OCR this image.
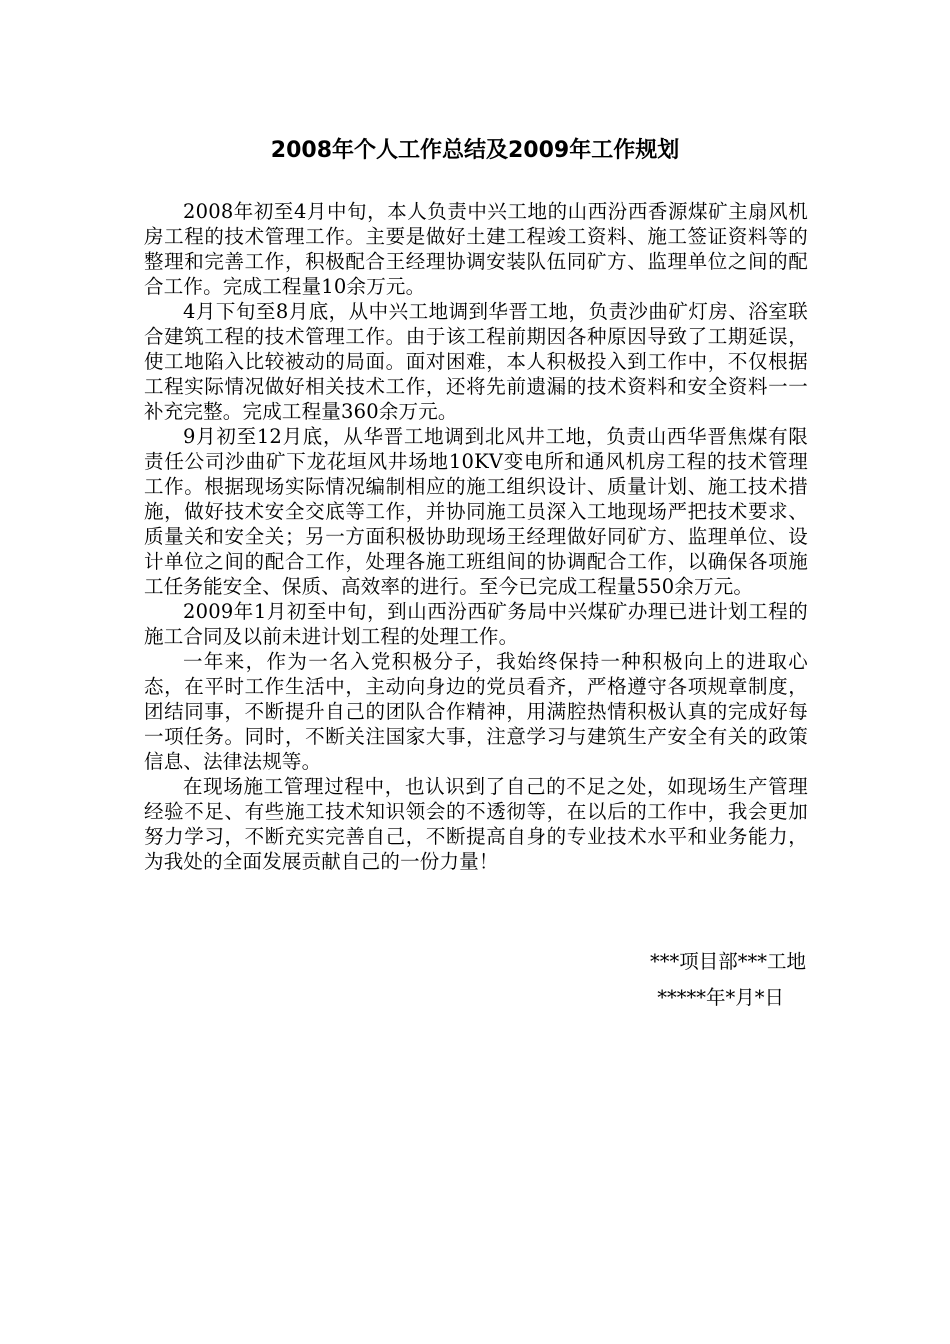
2008年个人工作总结及2009年工作规划

2008年初至4月中旬，本人负责中兴工地的山西汾西香源煤矿主扇风机房工程的技术管理工作。主要是做好土建工程竣工资料、施工签证资料等的整理和完善工作，积极配合王经理协调安装队伍同矿方、监理单位之间的配合工作。完成工程量10余万元。

4月下旬至8月底，从中兴工地调到华晋工地，负责沙曲矿灯房、浴室联合建筑工程的技术管理工作。由于该工程前期因各种原因导致了工期延误，使工地陷入比较被动的局面。面对困难，本人积极投入到工作中，不仅根据工程实际情况做好相关技术工作，还将先前遗漏的技术资料和安全资料一一补充完整。完成工程量360余万元。

9月初至12月底，从华晋工地调到北风井工地，负责山西华晋焦煤有限责任公司沙曲矿下龙花垣风井场地10KV变电所和通风机房工程的技术管理工作。根据现场实际情况编制相应的施工组织设计、质量计划、施工技术措施，做好技术安全交底等工作，并协同施工员深入工地现场严把技术要求、质量关和安全关；另一方面积极协助现场王经理做好同矿方、监理单位、设计单位之间的配合工作，处理各施工班组间的协调配合工作，以确保各项施工任务能安全、保质、高效率的进行。至今已完成工程量550余万元。

2009年1月初至中旬，到山西汾西矿务局中兴煤矿办理已进计划工程的施工合同及以前未进计划工程的处理工作。

一年来，作为一名入党积极分子，我始终保持一种积极向上的进取心态，在平时工作生活中，主动向身边的党员看齐，严格遵守各项规章制度，团结同事，不断提升自己的团队合作精神，用满腔热情积极认真的完成好每一项任务。同时，不断关注国家大事，注意学习与建筑生产安全有关的政策信息、法律法规等。

在现场施工管理过程中，也认识到了自己的不足之处，如现场生产管理经验不足、有些施工技术知识领会的不透彻等，在以后的工作中，我会更加努力学习，不断充实完善自己，不断提高自身的专业技术水平和业务能力，为我处的全面发展贡献自己的一份力量！

***项目部***工地
*****年*月*日
